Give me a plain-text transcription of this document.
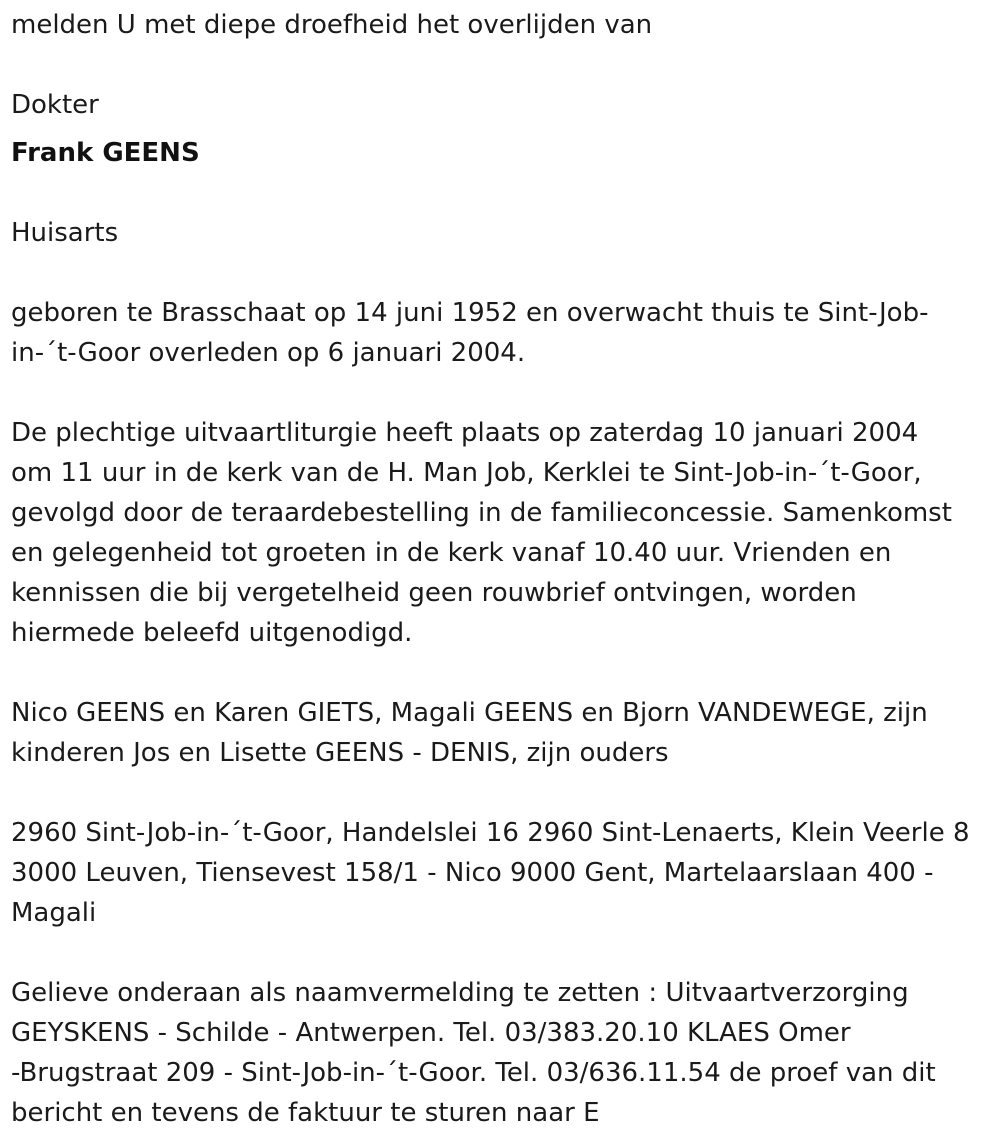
melden U met diepe droefheid het overlijden van

Dokter

Frank GEENS

Huisarts

geboren te Brasschaat op 14 juni 1952 en overwacht thuis te Sint-Job-

in-´t-Goor overleden op 6 januari 2004.

De plechtige uitvaartliturgie heeft plaats op zaterdag 10 januari 2004

om 11 uur in de kerk van de H. Man Job, Kerklei te Sint-Job-in-´t-Goor,

gevolgd door de teraardebestelling in de familieconcessie. Samenkomst

en gelegenheid tot groeten in de kerk vanaf 10.40 uur. Vrienden en

kennissen die bij vergetelheid geen rouwbrief ontvingen, worden

hiermede beleefd uitgenodigd.

Nico GEENS en Karen GIETS, Magali GEENS en Bjorn VANDEWEGE, zijn

kinderen Jos en Lisette GEENS - DENIS, zijn ouders

2960 Sint-Job-in-´t-Goor, Handelslei 16 2960 Sint-Lenaerts, Klein Veerle 8

3000 Leuven, Tiensevest 158/1 - Nico 9000 Gent, Martelaarslaan 400 -

Magali

Gelieve onderaan als naamvermelding te zetten : Uitvaartverzorging

GEYSKENS - Schilde - Antwerpen. Tel. 03/383.20.10 KLAES Omer

-Brugstraat 209 - Sint-Job-in-´t-Goor. Tel. 03/636.11.54 de proef van dit

bericht en tevens de faktuur te sturen naar E
